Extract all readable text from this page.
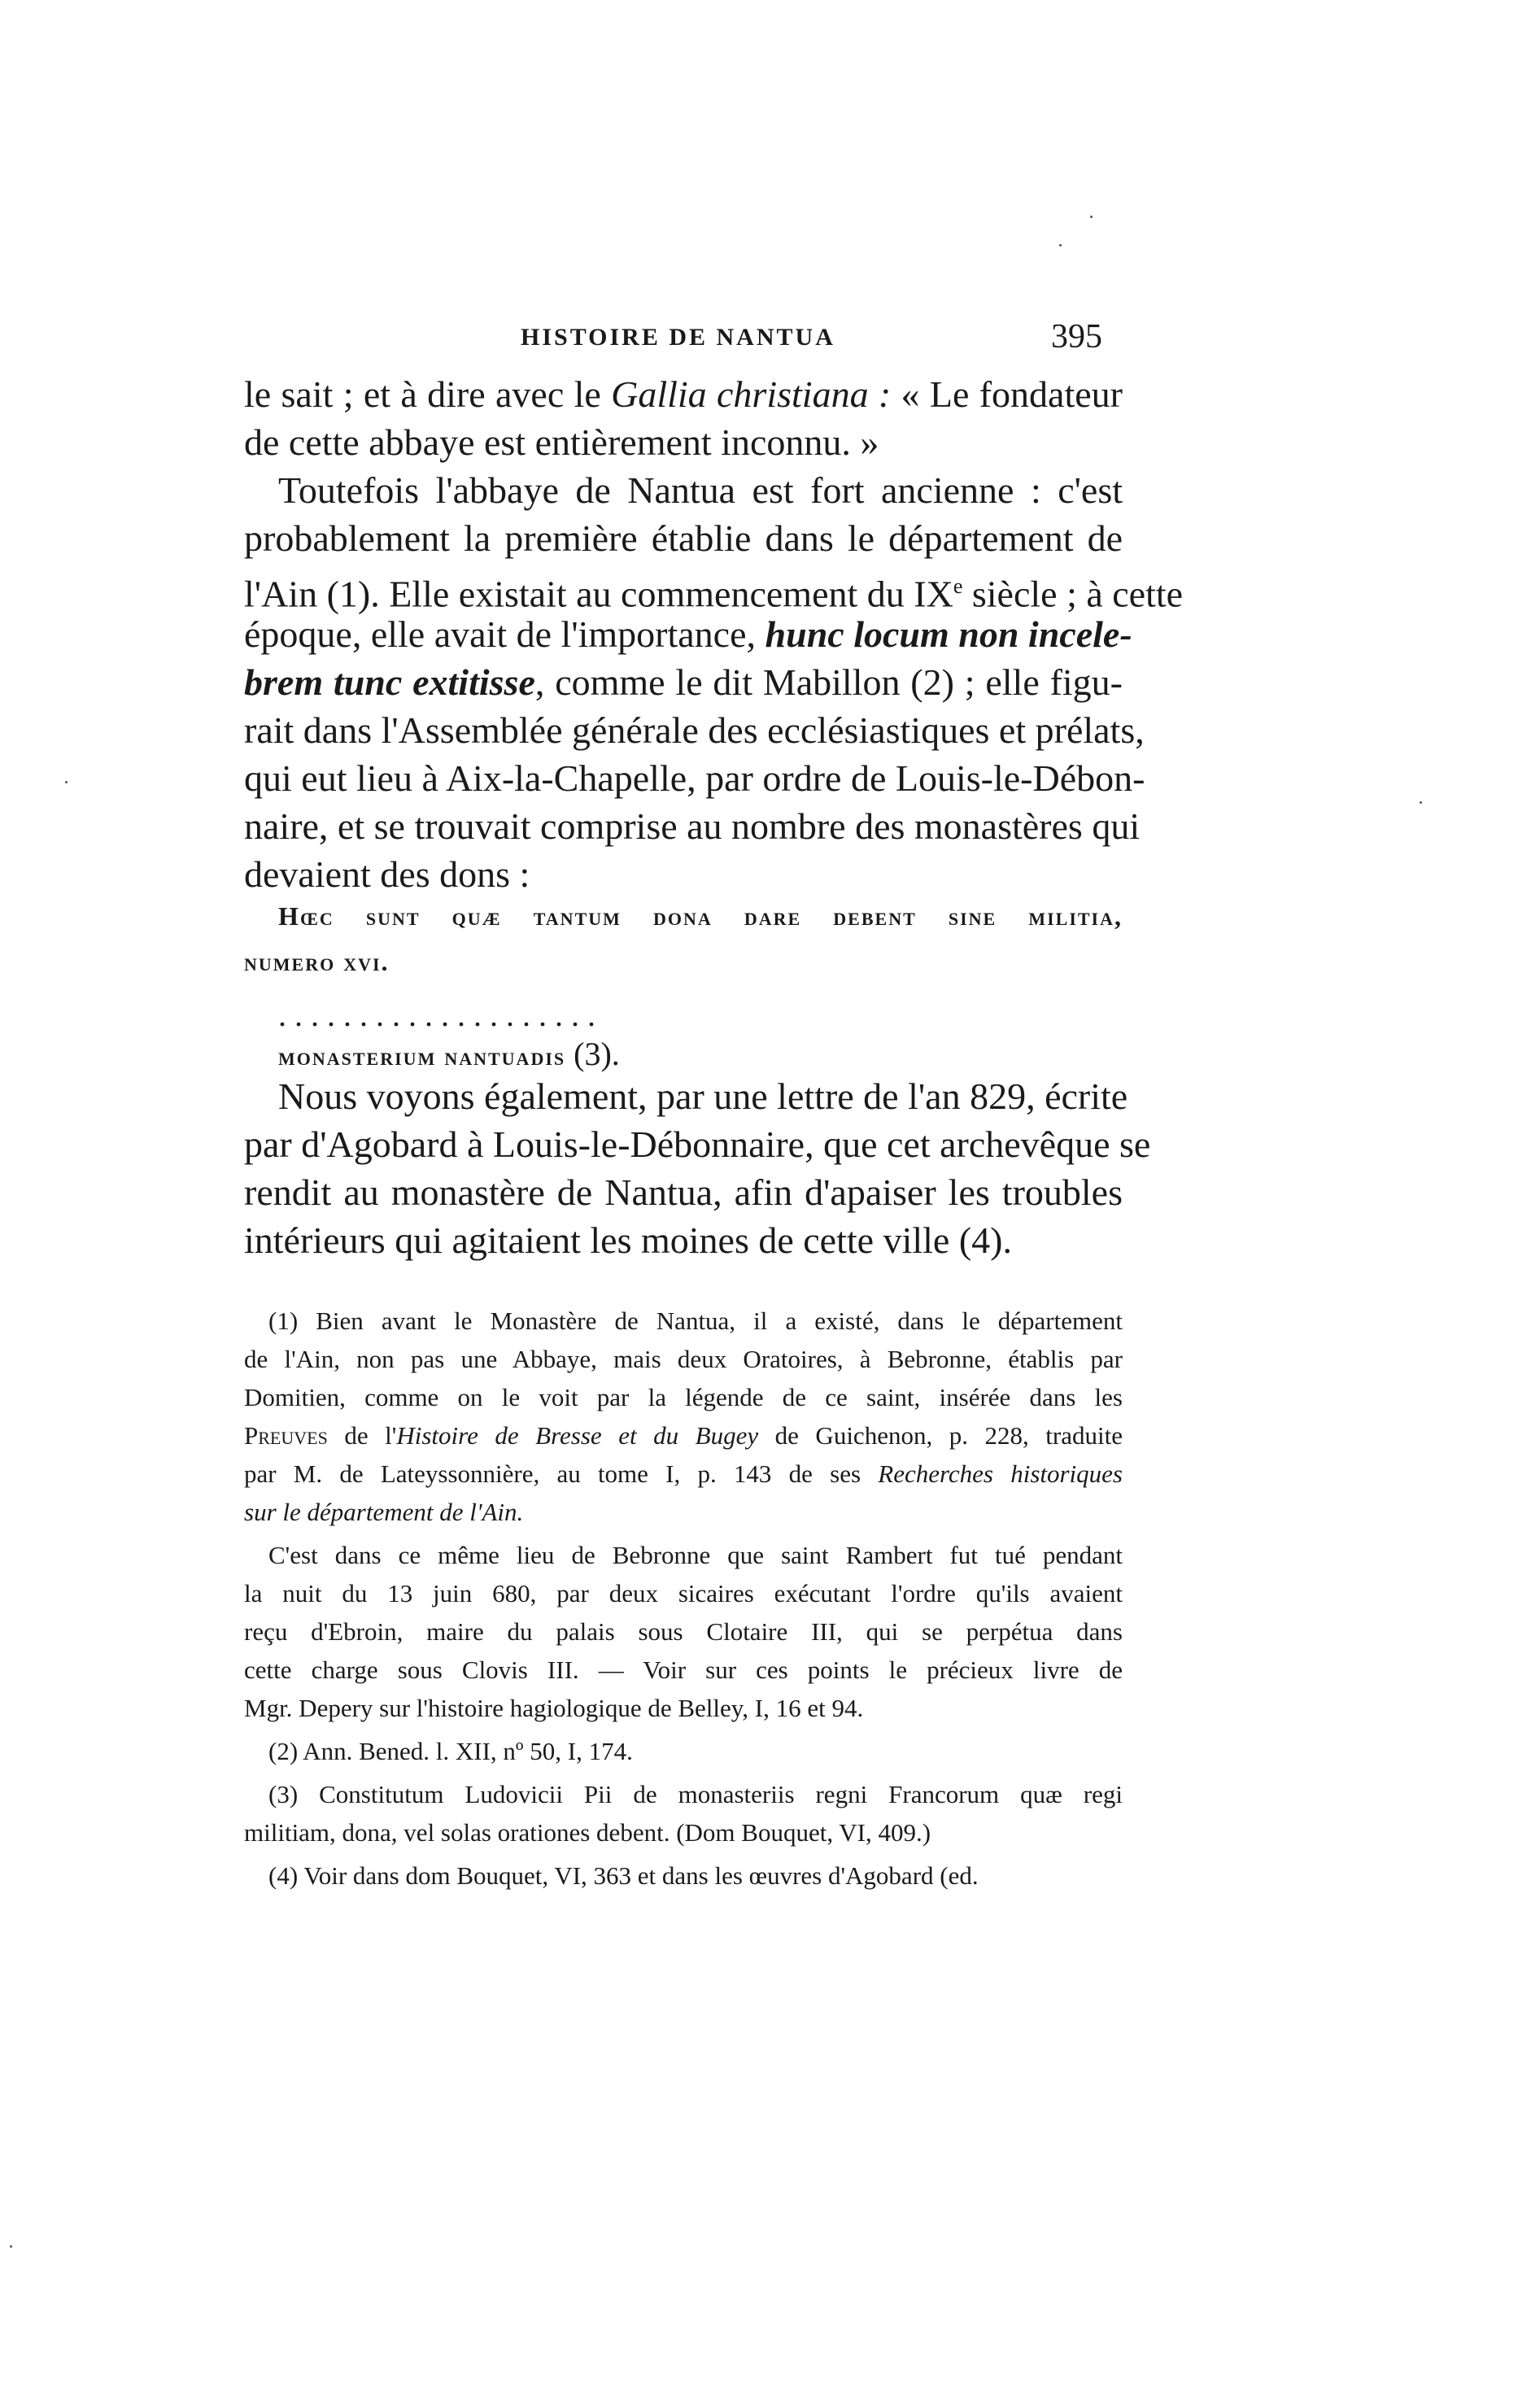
HISTOIRE DE NANTUA	395
le sait ; et à dire avec le Gallia christiana : « Le fondateur
de cette abbaye est entièrement inconnu. »
Toutefois l'abbaye de Nantua est fort ancienne : c'est
probablement la première établie dans le département de
l'Ain (1). Elle existait au commencement du IXe siècle ; à cette
époque, elle avait de l'importance, hunc locum non incele-
brem tunc extitisse, comme le dit Mabillon (2) ; elle figu-
rait dans l'Assemblée générale des ecclésiastiques et prélats,
qui eut lieu à Aix-la-Chapelle, par ordre de Louis-le-Débon-
naire, et se trouvait comprise au nombre des monastères qui
devaient des dons :
Hœc sunt quæ tantum dona dare debent sine militia,
numero xvi.
. . . . . . . . . . . . . . . . . . . .
monasterium nantuadis (3).
Nous voyons également, par une lettre de l'an 829, écrite
par d'Agobard à Louis-le-Débonnaire, que cet archevêque se
rendit au monastère de Nantua, afin d'apaiser les troubles
intérieurs qui agitaient les moines de cette ville (4).
(1) Bien avant le Monastère de Nantua, il a existé, dans le département
de l'Ain, non pas une Abbaye, mais deux Oratoires, à Bebronne, établis par
Domitien, comme on le voit par la légende de ce saint, insérée dans les
Preuves de l'Histoire de Bresse et du Bugey de Guichenon, p. 228, traduite
par M. de Lateyssonnière, au tome I, p. 143 de ses Recherches historiques
sur le département de l'Ain.
C'est dans ce même lieu de Bebronne que saint Rambert fut tué pendant
la nuit du 13 juin 680, par deux sicaires exécutant l'ordre qu'ils avaient
reçu d'Ebroin, maire du palais sous Clotaire III, qui se perpétua dans
cette charge sous Clovis III. — Voir sur ces points le précieux livre de
Mgr. Depery sur l'histoire hagiologique de Belley, I, 16 et 94.
(2) Ann. Bened. l. XII, nº 50, I, 174.
(3) Constitutum Ludovicii Pii de monasteriis regni Francorum quæ regi
militiam, dona, vel solas orationes debent. (Dom Bouquet, VI, 409.)
(4) Voir dans dom Bouquet, VI, 363 et dans les œuvres d'Agobard (ed.
